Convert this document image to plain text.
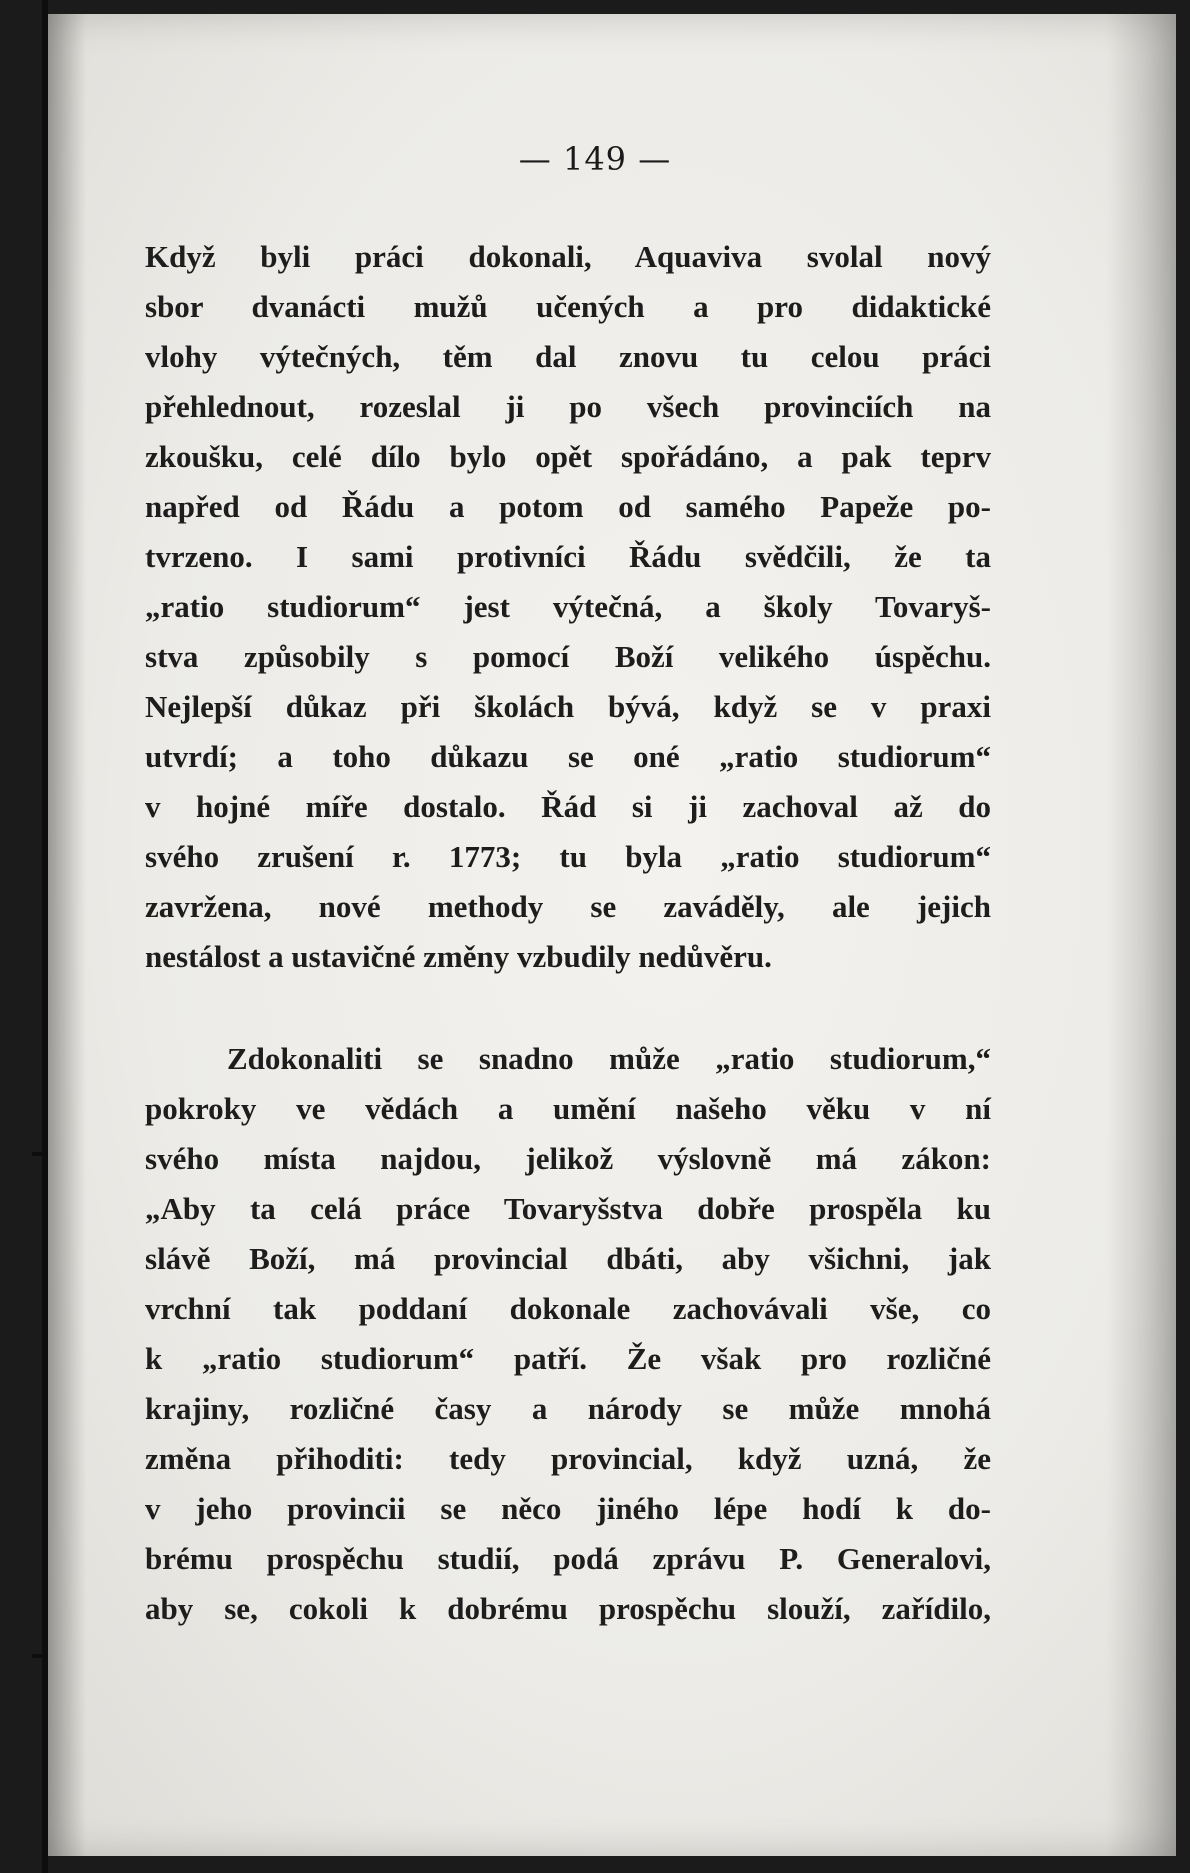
— 149 —
Když byli práci dokonali, Aquaviva svolal nový
sbor dvanácti mužů učených a pro didaktické
vlohy výtečných, těm dal znovu tu celou práci
přehlednout, rozeslal ji po všech provinciích na
zkoušku, celé dílo bylo opět spořádáno, a pak teprv
napřed od Řádu a potom od samého Papeže po-
tvrzeno. I sami protivníci Řádu svědčili, že ta
„ratio studiorum“ jest výtečná, a školy Tovaryš-
stva způsobily s pomocí Boží velikého úspěchu.
Nejlepší důkaz při školách bývá, když se v praxi
utvrdí; a toho důkazu se oné „ratio studiorum“
v hojné míře dostalo. Řád si ji zachoval až do
svého zrušení r. 1773; tu byla „ratio studiorum“
zavržena, nové methody se zaváděly, ale jejich
nestálost a ustavičné změny vzbudily nedůvěru.
Zdokonaliti se snadno může „ratio studiorum,“
pokroky ve vědách a umění našeho věku v ní
svého místa najdou, jelikož výslovně má zákon:
„Aby ta celá práce Tovaryšstva dobře prospěla ku
slávě Boží, má provincial dbáti, aby všichni, jak
vrchní tak poddaní dokonale zachovávali vše, co
k „ratio studiorum“ patří. Že však pro rozličné
krajiny, rozličné časy a národy se může mnohá
změna přihoditi: tedy provincial, když uzná, že
v jeho provincii se něco jiného lépe hodí k do-
brému prospěchu studií, podá zprávu P. Generalovi,
aby se, cokoli k dobrému prospěchu slouží, zařídilo,
